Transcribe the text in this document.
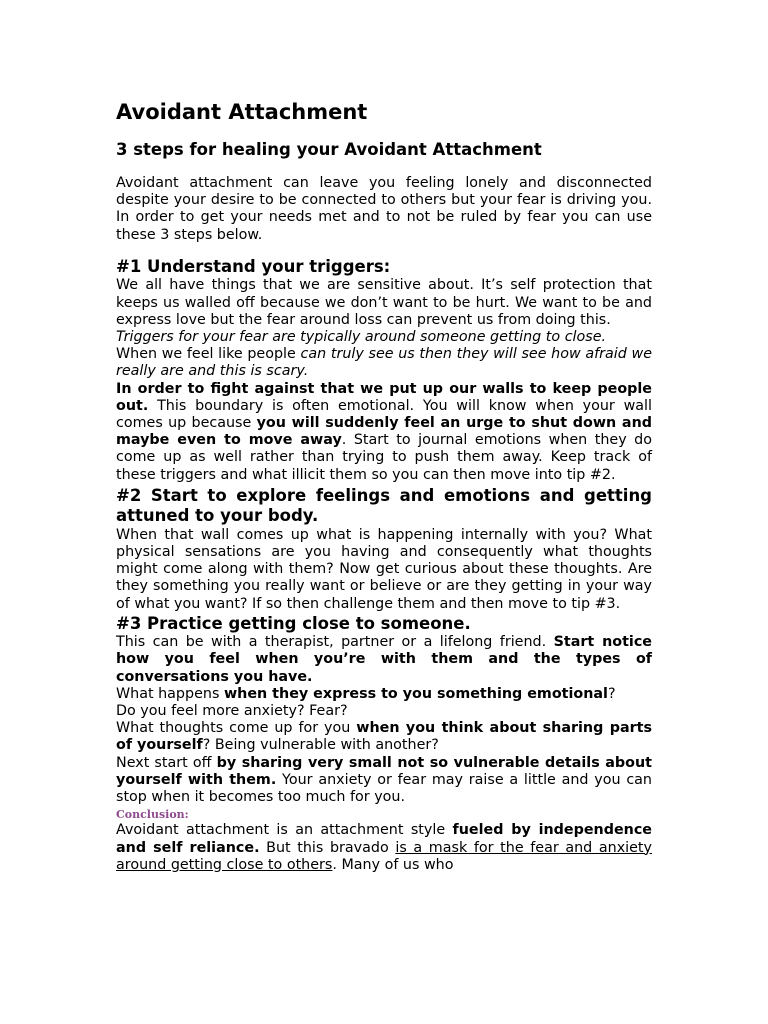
Avoidant Attachment
3 steps for healing your Avoidant Attachment

Avoidant attachment can leave you feeling lonely and disconnected despite your desire to be connected to others but your fear is driving you. In order to get your needs met and to not be ruled by fear you can use these 3 steps below.

#1 Understand your triggers:

We all have things that we are sensitive about. It’s self protection that keeps us walled off because we don’t want to be hurt. We want to be and express love but the fear around loss can prevent us from doing this.

Triggers for your fear are typically around someone getting to close.

When we feel like people can truly see us then they will see how afraid we really are and this is scary.

In order to fight against that we put up our walls to keep people out. This boundary is often emotional. You will know when your wall comes up because you will suddenly feel an urge to shut down and maybe even to move away. Start to journal emotions when they do come up as well rather than trying to push them away. Keep track of these triggers and what illicit them so you can then move into tip #2.

#2 Start to explore feelings and emotions and getting attuned to your body.

When that wall comes up what is happening internally with you? What physical sensations are you having and consequently what thoughts might come along with them? Now get curious about these thoughts. Are they something you really want or believe or are they getting in your way of what you want? If so then challenge them and then move to tip #3.

#3 Practice getting close to someone.

This can be with a therapist, partner or a lifelong friend. Start notice how you feel when you’re with them and the types of conversations you have.

What happens when they express to you something emotional?

Do you feel more anxiety? Fear?

What thoughts come up for you when you think about sharing parts of yourself? Being vulnerable with another?

Next start off by sharing very small not so vulnerable details about yourself with them. Your anxiety or fear may raise a little and you can stop when it becomes too much for you.

Conclusion:

Avoidant attachment is an attachment style fueled by independence and self reliance. But this bravado is a mask for the fear and anxiety around getting close to others. Many of us who
